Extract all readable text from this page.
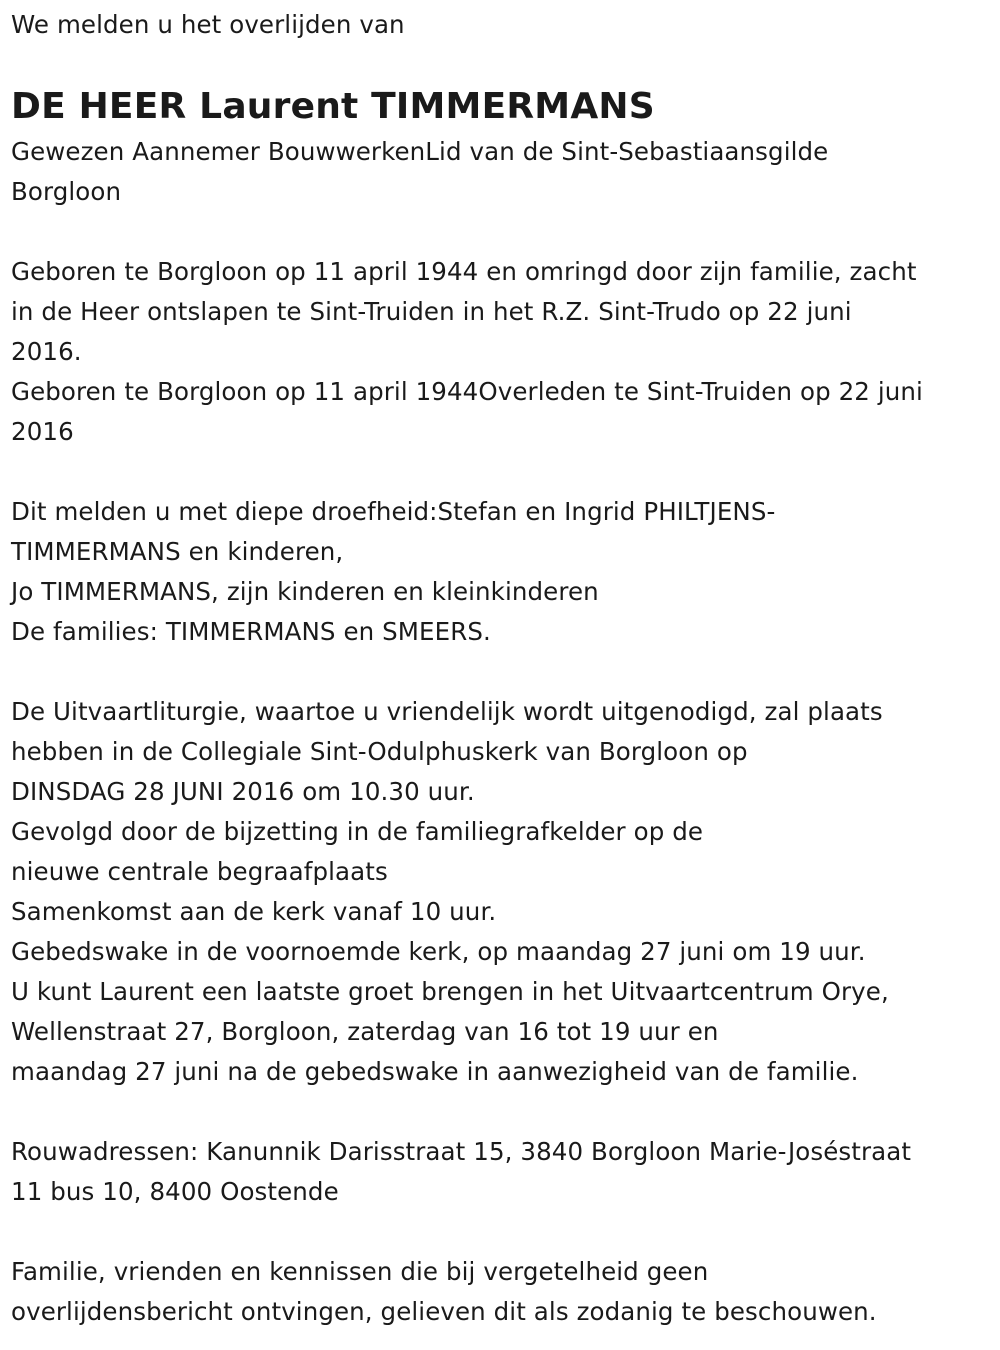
We melden u het overlijden van
DE HEER Laurent TIMMERMANS
Gewezen Aannemer BouwwerkenLid van de Sint-Sebastiaansgilde
Borgloon
Geboren te Borgloon op 11 april 1944 en omringd door zijn familie, zacht
in de Heer ontslapen te Sint-Truiden in het R.Z. Sint-Trudo op 22 juni
2016.
Geboren te Borgloon op 11 april 1944Overleden te Sint-Truiden op 22 juni
2016
Dit melden u met diepe droefheid:Stefan en Ingrid PHILTJENS-
TIMMERMANS en kinderen,
Jo TIMMERMANS, zijn kinderen en kleinkinderen
De families: TIMMERMANS en SMEERS.
De Uitvaartliturgie, waartoe u vriendelijk wordt uitgenodigd, zal plaats
hebben in de Collegiale Sint-Odulphuskerk van Borgloon op
DINSDAG 28 JUNI 2016 om 10.30 uur.
Gevolgd door de bijzetting in de familiegrafkelder op de
nieuwe centrale begraafplaats
Samenkomst aan de kerk vanaf 10 uur.
Gebedswake in de voornoemde kerk, op maandag 27 juni om 19 uur.
U kunt Laurent een laatste groet brengen in het Uitvaartcentrum Orye,
Wellenstraat 27, Borgloon, zaterdag van 16 tot 19 uur en
maandag 27 juni na de gebedswake in aanwezigheid van de familie.
Rouwadressen: Kanunnik Darisstraat 15, 3840 Borgloon Marie-Joséstraat
11 bus 10, 8400 Oostende
Familie, vrienden en kennissen die bij vergetelheid geen
overlijdensbericht ontvingen, gelieven dit als zodanig te beschouwen.
